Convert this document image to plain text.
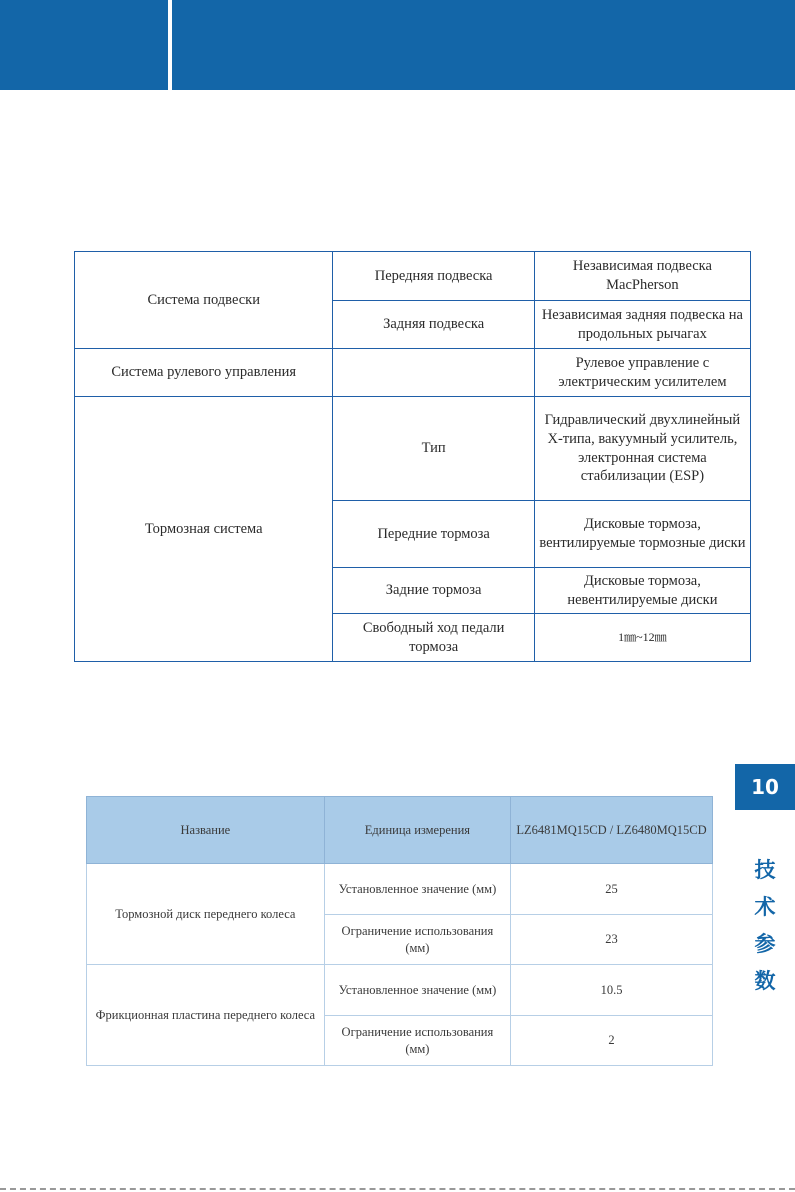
Система подвески	Передняя подвеска	Независимая подвеска MacPherson
	Задняя подвеска	Независимая задняя подвеска на продольных рычагах
Система рулевого управления		Рулевое управление с электрическим усилителем
Тормозная система	Тип	Гидравлический двухлинейный X-типа, вакуумный усилитель, электронная система стабилизации (ESP)
	Передние тормоза	Дисковые тормоза, вентилируемые тормозные диски
	Задние тормоза	Дисковые тормоза, невентилируемые диски
	Свободный ход педали тормоза	1㎜~12㎜
Название	Единица измерения	LZ6481MQ15CD / LZ6480MQ15CD
Тормозной диск переднего колеса	Установленное значение (мм)	25
	Ограничение использования (мм)	23
Фрикционная пластина переднего колеса	Установленное значение (мм)	10.5
	Ограничение использования (мм)	2
10
技
术
参
数
